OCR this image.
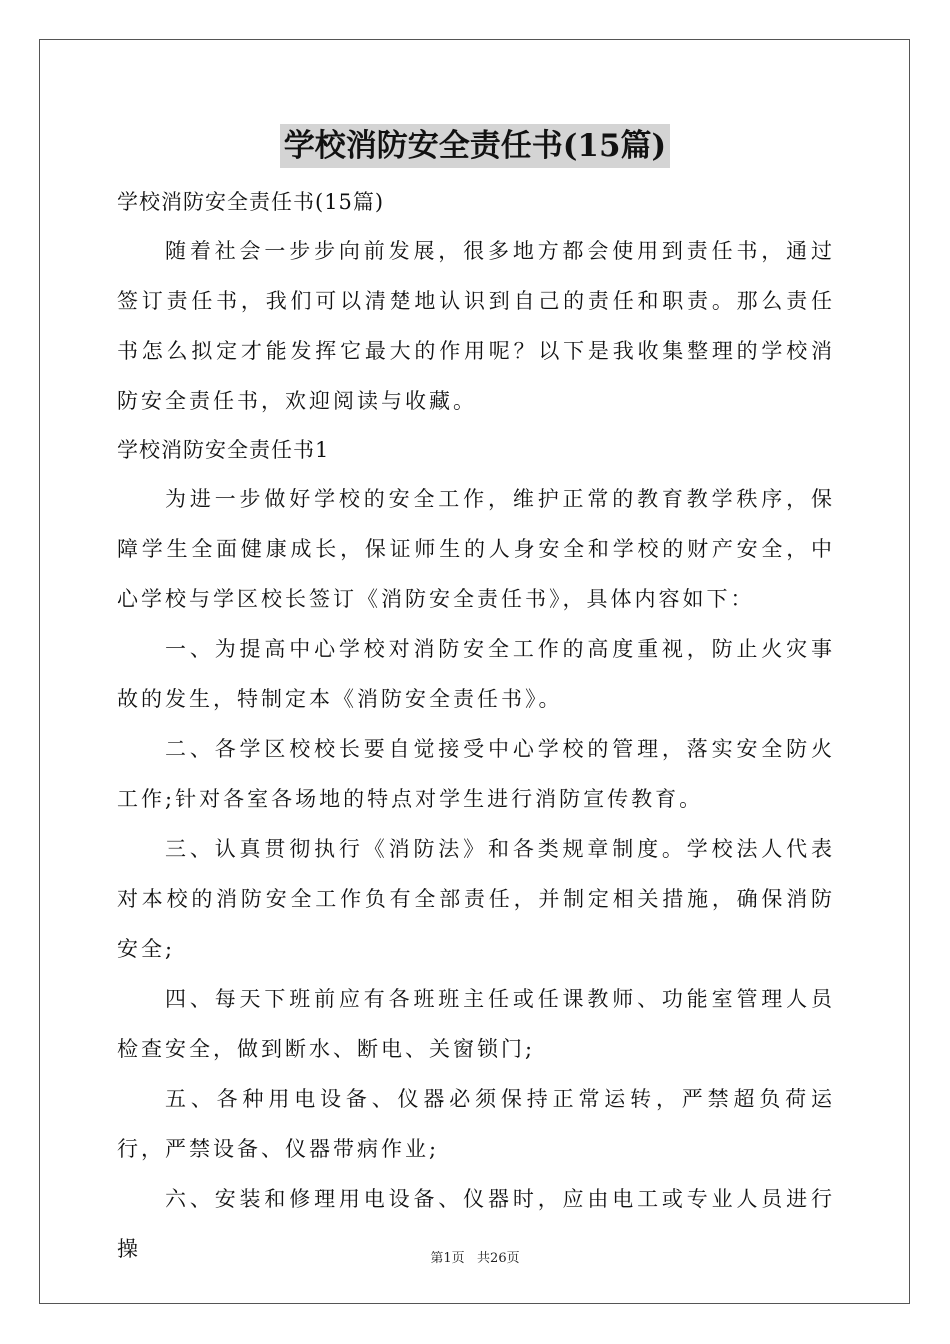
学校消防安全责任书(15篇)

学校消防安全责任书(15篇)

随着社会一步步向前发展，很多地方都会使用到责任书，通过签订责任书，我们可以清楚地认识到自己的责任和职责。那么责任书怎么拟定才能发挥它最大的作用呢？以下是我收集整理的学校消防安全责任书，欢迎阅读与收藏。

学校消防安全责任书1

为进一步做好学校的安全工作，维护正常的教育教学秩序，保障学生全面健康成长，保证师生的人身安全和学校的财产安全，中心学校与学区校长签订《消防安全责任书》，具体内容如下：

一、为提高中心学校对消防安全工作的高度重视，防止火灾事故的发生，特制定本《消防安全责任书》。

二、各学区校校长要自觉接受中心学校的管理，落实安全防火工作;针对各室各场地的特点对学生进行消防宣传教育。

三、认真贯彻执行《消防法》和各类规章制度。学校法人代表对本校的消防安全工作负有全部责任，并制定相关措施，确保消防安全;

四、每天下班前应有各班班主任或任课教师、功能室管理人员检查安全，做到断水、断电、关窗锁门;

五、各种用电设备、仪器必须保持正常运转，严禁超负荷运行，严禁设备、仪器带病作业;

六、安装和修理用电设备、仪器时，应由电工或专业人员进行操	第1页   共26页
